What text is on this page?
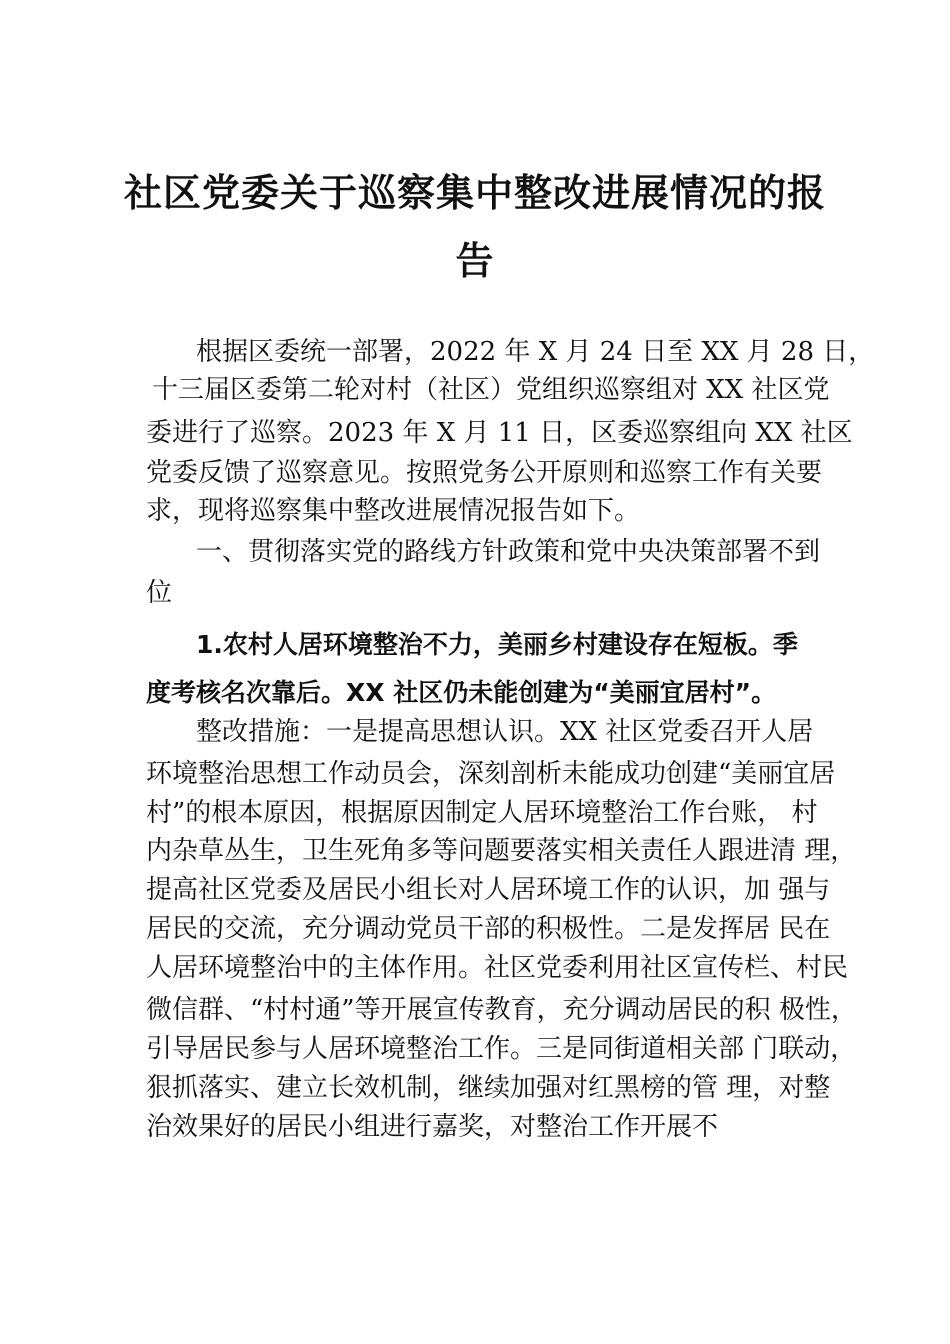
社区党委关于巡察集中整改进展情况的报
告
根据区委统一部署，2022 年 X 月 24 日至 XX 月 28 日，
十三届区委第二轮对村（社区）党组织巡察组对 XX 社区党
委进行了巡察。2023 年 X 月 11 日，区委巡察组向 XX 社区
党委反馈了巡察意见。按照党务公开原则和巡察工作有关要
求，现将巡察集中整改进展情况报告如下。
一、贯彻落实党的路线方针政策和党中央决策部署不到
位
1.农村人居环境整治不力，美丽乡村建设存在短板。季
度考核名次靠后。XX 社区仍未能创建为“美丽宜居村”。
整改措施：一是提高思想认识。XX 社区党委召开人居
环境整治思想工作动员会，深刻剖析未能成功创建“美丽宜居
村”的根本原因，根据原因制定人居环境整治工作台账， 村
内杂草丛生，卫生死角多等问题要落实相关责任人跟进清 理，
提高社区党委及居民小组长对人居环境工作的认识，加 强与
居民的交流，充分调动党员干部的积极性。二是发挥居 民在
人居环境整治中的主体作用。社区党委利用社区宣传栏、村民
微信群、“村村通”等开展宣传教育，充分调动居民的积 极性，
引导居民参与人居环境整治工作。三是同街道相关部 门联动，
狠抓落实、建立长效机制，继续加强对红黑榜的管 理，对整
治效果好的居民小组进行嘉奖，对整治工作开展不
